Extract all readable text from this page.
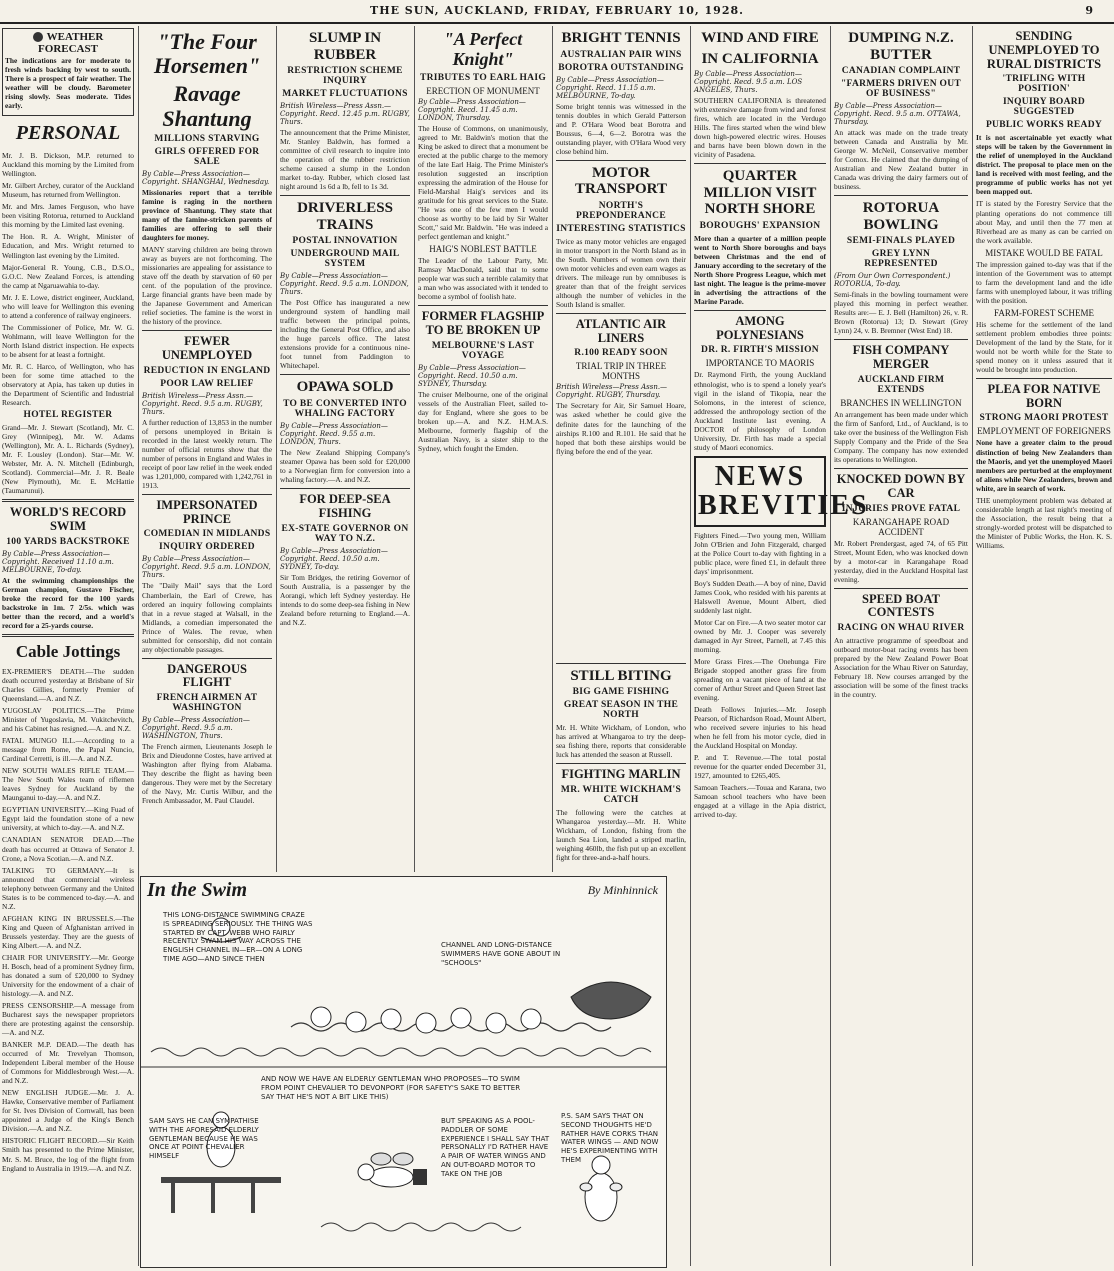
THE SUN, AUCKLAND, FRIDAY, FEBRUARY 10, 1928.	9
WEATHER FORECAST
The indications are for moderate to fresh winds backing by west to south. There is a prospect of fair weather. The weather will be cloudy. Barometer rising slowly. Seas moderate. Tides early.
PERSONAL
Mr. J. B. Dickson, M.P. returned to Auckland this morning by the Limited from Wellington.
Mr. Gilbert Archey, curator of the Auckland Museum, has returned from Wellington.
Mr. and Mrs. James Ferguson, who have been visiting Rotorua, returned to Auckland this morning by the Limited last evening.
The Hon. R. A. Wright, Minister of Education, and Mrs. Wright returned to Wellington last evening by the Limited.
Major-General R. Young, C.B., D.S.O., G.O.C. New Zealand Forces, is attending the camp at Ngaruawahia to-day.
Mr. J. E. Lowe, district engineer, Auckland, who will leave for Wellington this evening to attend a conference of railway engineers.
The Commissioner of Police, Mr. W. G. Wohlmann, will leave Wellington for the North Island district inspection. He expects to be absent for at least a fortnight.
Mr. R. C. Harco, of Wellington, who has been for some time attached to the observatory at Apia, has taken up duties in the Department of Scientific and Industrial Research.
HOTEL REGISTER
Grand—Mr. J. Stewart (Scotland), Mr. C. Grey (Winnipeg), Mr. W. Adams (Wellington), Mr. A. L. Richards (Sydney), Mr. F. Lousley (London). Star—Mr. W. Webster, Mr. A. N. Mitchell (Edinburgh, Scotland). Commercial—Mr. J. R. Beale (New Plymouth), Mr. E. McHattie (Taumarunui).
WORLD'S RECORD SWIM
100 YARDS BACKSTROKE
By Cable—Press Association—Copyright. Received 11.10 a.m. MELBOURNE, To-day.
At the swimming championships the German champion, Gustave Fischer, broke the record for the 100 yards backstroke in 1m. 7 2/5s. which was better than the record, and a world's record for a 25-yards course.
Cable Jottings
EX-PREMIER'S DEATH.—The sudden death occurred yesterday at Brisbane of Sir Charles Gillies, formerly Premier of Queensland.—A. and N.Z.
YUGOSLAV POLITICS.—The Prime Minister of Yugoslavia, M. Vukitchevitch, and his Cabinet has resigned.—A. and N.Z.
FATAL MUNGO ILL.—According to a message from Rome, the Papal Nuncio, Cardinal Cerretti, is ill.—A. and N.Z.
NEW SOUTH WALES RIFLE TEAM.—The New South Wales team of riflemen leaves Sydney for Auckland by the Maunganui to-day.—A. and N.Z.
EGYPTIAN UNIVERSITY.—King Fuad of Egypt laid the foundation stone of a new university, at which to-day.—A. and N.Z.
CANADIAN SENATOR DEAD.—The death has occurred at Ottawa of Senator J. Crone, a Nova Scotian.—A. and N.Z.
TALKING TO GERMANY.—It is announced that commercial wireless telephony between Germany and the United States is to be commenced to-day.—A. and N.Z.
AFGHAN KING IN BRUSSELS.—The King and Queen of Afghanistan arrived in Brussels yesterday. They are the guests of King Albert.—A. and N.Z.
CHAIR FOR UNIVERSITY.—Mr. George H. Bosch, head of a prominent Sydney firm, has donated a sum of £20,000 to Sydney University for the endowment of a chair of histology.—A. and N.Z.
PRESS CENSORSHIP.—A message from Bucharest says the newspaper proprietors there are protesting against the censorship.—A. and N.Z.
BANKER M.P. DEAD.—The death has occurred of Mr. Trevelyan Thomson, Independent Liberal member of the House of Commons for Middlesbrough West.—A. and N.Z.
NEW ENGLISH JUDGE.—Mr. J. A. Hawke, Conservative member of Parliament for St. Ives Division of Cornwall, has been appointed a Judge of the King's Bench Division.—A. and N.Z.
HISTORIC FLIGHT RECORD.—Sir Keith Smith has presented to the Prime Minister, Mr. S. M. Bruce, the log of the flight from England to Australia in 1919.—A. and N.Z.
"The Four Horsemen"
Ravage Shantung
MILLIONS STARVING
GIRLS OFFERED FOR SALE
By Cable—Press Association—Copyright. SHANGHAI, Wednesday.
Missionaries report that a terrible famine is raging in the northern province of Shantung. They state that many of the famine-stricken parents of families are offering to sell their daughters for money.
MANY starving children are being thrown away as buyers are not forthcoming. The missionaries are appealing for assistance to stave off the death by starvation of 60 per cent. of the population of the province. Large financial grants have been made by the Japanese Government and American relief societies. The famine is the worst in the history of the province.
FEWER UNEMPLOYED
REDUCTION IN ENGLAND
POOR LAW RELIEF
British Wireless—Press Assn.—Copyright. Recd. 9.5 a.m. RUGBY, Thurs.
A further reduction of 13,853 in the number of persons unemployed in Britain is recorded in the latest weekly return. The number of official returns show that the number of persons in England and Wales in receipt of poor law relief in the week ended was 1,201,000, compared with 1,242,761 in 1913.
IMPERSONATED PRINCE
COMEDIAN IN MIDLANDS
INQUIRY ORDERED
By Cable—Press Association—Copyright. Recd. 9.5 a.m. LONDON, Thurs.
The "Daily Mail" says that the Lord Chamberlain, the Earl of Crewe, has ordered an inquiry following complaints that in a revue staged at Walsall, in the Midlands, a comedian impersonated the Prince of Wales. The revue, when submitted for censorship, did not contain any objectionable passages.
DANGEROUS FLIGHT
FRENCH AIRMEN AT WASHINGTON
By Cable—Press Association—Copyright. Recd. 9.5 a.m. WASHINGTON, Thurs.
The French airmen, Lieutenants Joseph le Brix and Dieudonne Costes, have arrived at Washington after flying from Alabama. They describe the flight as having been dangerous. They were met by the Secretary of the Navy, Mr. Curtis Wilbur, and the French Ambassador, M. Paul Claudel.
SLUMP IN RUBBER
RESTRICTION SCHEME INQUIRY
MARKET FLUCTUATIONS
British Wireless—Press Assn.—Copyright. Recd. 12.45 p.m. RUGBY, Thurs.
The announcement that the Prime Minister, Mr. Stanley Baldwin, has formed a committee of civil research to inquire into the operation of the rubber restriction scheme caused a slump in the London market to-day. Rubber, which closed last night around 1s 6d a lb, fell to 1s 3d.
DRIVERLESS TRAINS
POSTAL INNOVATION
UNDERGROUND MAIL SYSTEM
By Cable—Press Association—Copyright. Recd. 9.5 a.m. LONDON, Thurs.
The Post Office has inaugurated a new underground system of handling mail traffic between the principal points, including the General Post Office, and also the huge parcels office. The latest extensions provide for a continuous nine-foot tunnel from Paddington to Whitechapel.
OPAWA SOLD
TO BE CONVERTED INTO WHALING FACTORY
By Cable—Press Association—Copyright. Recd. 9.55 a.m. LONDON, Thurs.
The New Zealand Shipping Company's steamer Opawa has been sold for £20,000 to a Norwegian firm for conversion into a whaling factory.—A. and N.Z.
FOR DEEP-SEA FISHING
EX-STATE GOVERNOR ON WAY TO N.Z.
By Cable—Press Association—Copyright. Recd. 10.50 a.m. SYDNEY, To-day.
Sir Tom Bridges, the retiring Governor of South Australia, is a passenger by the Aorangi, which left Sydney yesterday. He intends to do some deep-sea fishing in New Zealand before returning to England.—A. and N.Z.
"A Perfect Knight"
TRIBUTES TO EARL HAIG
ERECTION OF MONUMENT
By Cable—Press Association—Copyright. Recd. 11.45 a.m. LONDON, Thursday.
The House of Commons, on unanimously, agreed to Mr. Baldwin's motion that the King be asked to direct that a monument be erected at the public charge to the memory of the late Earl Haig. The Prime Minister's resolution suggested an inscription expressing the admiration of the House for Field-Marshal Haig's services and its gratitude for his great services to the State. "He was one of the few men I would choose as worthy to be laid by Sir Walter Scott," said Mr. Baldwin. "He was indeed a perfect gentleman and knight."
HAIG'S NOBLEST BATTLE
The Leader of the Labour Party, Mr. Ramsay MacDonald, said that to some people war was such a terrible calamity that a man who was associated with it tended to become a symbol of foolish hate.
FORMER FLAGSHIP TO BE BROKEN UP
MELBOURNE'S LAST VOYAGE
By Cable—Press Association—Copyright. Recd. 10.50 a.m. SYDNEY, Thursday.
The cruiser Melbourne, one of the original vessels of the Australian Fleet, sailed to-day for England, where she goes to be broken up.—A. and N.Z. H.M.A.S. Melbourne, formerly flagship of the Australian Navy, is a sister ship to the Sydney, which fought the Emden.
BRIGHT TENNIS
AUSTRALIAN PAIR WINS
BOROTRA OUTSTANDING
By Cable—Press Association—Copyright. Recd. 11.15 a.m. MELBOURNE, To-day.
Some bright tennis was witnessed in the tennis doubles in which Gerald Patterson and P. O'Hara Wood beat Borotra and Boussus, 6—4, 6—2. Borotra was the outstanding player, with O'Hara Wood very close behind him.
MOTOR TRANSPORT
NORTH'S PREPONDERANCE
INTERESTING STATISTICS
Twice as many motor vehicles are engaged in motor transport in the North Island as in the South. Numbers of women own their own motor vehicles and even earn wages as drivers. The mileage run by omnibuses is greater than that of the freight services although the number of vehicles in the South Island is smaller.
ATLANTIC AIR LINERS
R.100 READY SOON
TRIAL TRIP IN THREE MONTHS
British Wireless—Press Assn.—Copyright. RUGBY, Thursday.
The Secretary for Air, Sir Samuel Hoare, was asked whether he could give the definite dates for the launching of the airships R.100 and R.101. He said that he hoped that both these airships would be flying before the end of the year.
STILL BITING
BIG GAME FISHING
GREAT SEASON IN THE NORTH
Mr. H. White Wickham, of London, who has arrived at Whangaroa to try the deep-sea fishing there, reports that considerable luck has attended the season at Russell.
FIGHTING MARLIN
MR. WHITE WICKHAM'S CATCH
The following were the catches at Whangaroa yesterday.—Mr. H. White Wickham, of London, fishing from the launch Sea Lion, landed a striped marlin, weighing 460lb, the fish put up an excellent fight for three-and-a-half hours.
WIND AND FIRE
IN CALIFORNIA
By Cable—Press Association—Copyright. Recd. 9.5 a.m. LOS ANGELES, Thurs.
SOUTHERN CALIFORNIA is threatened with extensive damage from wind and forest fires, which are located in the Verdugo Hills. The fires started when the wind blew down high-powered electric wires. Houses and barns have been blown down in the vicinity of Pasadena.
QUARTER MILLION VISIT NORTH SHORE
BOROUGHS' EXPANSION
More than a quarter of a million people went to North Shore boroughs and bays between Christmas and the end of January according to the secretary of the North Shore Progress League, which met last night. The league is the prime-mover in advertising the attractions of the Marine Parade.
AMONG POLYNESIANS
DR. R. FIRTH'S MISSION
IMPORTANCE TO MAORIS
Dr. Raymond Firth, the young Auckland ethnologist, who is to spend a lonely year's vigil in the island of Tikopia, near the Solomons, in the interest of science, addressed the anthropology section of the Auckland Institute last evening. A DOCTOR of philosophy of London University, Dr. Firth has made a special study of Maori economics.
NEWS BREVITIES
Fighters Fined.—Two young men, William John O'Brien and John Fitzgerald, charged at the Police Court to-day with fighting in a public place, were fined £1, in default three days' imprisonment.
Boy's Sudden Death.—A boy of nine, David James Cook, who resided with his parents at Halswell Avenue, Mount Albert, died suddenly last night.
Motor Car on Fire.—A two seater motor car owned by Mr. J. Cooper was severely damaged in Ayr Street, Parnell, at 7.45 this morning.
More Grass Fires.—The Onehunga Fire Brigade stopped another grass fire from spreading on a vacant piece of land at the corner of Arthur Street and Queen Street last evening.
Death Follows Injuries.—Mr. Joseph Pearson, of Richardson Road, Mount Albert, who received severe injuries to his head when he fell from his motor cycle, died in the Auckland Hospital on Monday.
P. and T. Revenue.—The total postal revenue for the quarter ended December 31, 1927, amounted to £265,405.
Samoan Teachers.—Touaa and Karana, two Samoan school teachers who have been engaged at a village in the Apia district, arrived to-day.
DUMPING N.Z. BUTTER
CANADIAN COMPLAINT
"FARMERS DRIVEN OUT OF BUSINESS"
By Cable—Press Association—Copyright. Recd. 9.5 a.m. OTTAWA, Thursday.
An attack was made on the trade treaty between Canada and Australia by Mr. George W. McNeil, Conservative member for Comox. He claimed that the dumping of Australian and New Zealand butter in Canada was driving the dairy farmers out of business.
ROTORUA BOWLING
SEMI-FINALS PLAYED
GREY LYNN REPRESENTED
(From Our Own Correspondent.) ROTORUA, To-day.
Semi-finals in the bowling tournament were played this morning in perfect weather. Results are:— E. J. Bell (Hamilton) 26, v. R. Brown (Rotorua) 13; D. Stewart (Grey Lynn) 24, v. B. Bremner (West End) 18.
FISH COMPANY MERGER
AUCKLAND FIRM EXTENDS
BRANCHES IN WELLINGTON
An arrangement has been made under which the firm of Sanford, Ltd., of Auckland, is to take over the business of the Wellington Fish Supply Company and the Pride of the Sea Company. The company has now extended its operations to Wellington.
KNOCKED DOWN BY CAR
INJURIES PROVE FATAL
KARANGAHAPE ROAD ACCIDENT
Mr. Robert Prendergast, aged 74, of 65 Pitt Street, Mount Eden, who was knocked down by a motor-car in Karangahape Road yesterday, died in the Auckland Hospital last evening.
SPEED BOAT CONTESTS
RACING ON WHAU RIVER
An attractive programme of speedboat and outboard motor-boat racing events has been prepared by the New Zealand Power Boat Association for the Whau River on Saturday, February 18. New courses arranged by the association will be some of the finest tracks in the country.
SENDING UNEMPLOYED TO RURAL DISTRICTS
'TRIFLING WITH POSITION'
INQUIRY BOARD SUGGESTED
PUBLIC WORKS READY
It is not ascertainable yet exactly what steps will be taken by the Government in the relief of unemployed in the Auckland district. The proposal to place men on the land is received with most feeling, and the programme of public works has not yet been mapped out.
IT is stated by the Forestry Service that the planting operations do not commence till about May, and until then the 77 men at Riverhead are as many as can be carried on the work available.
MISTAKE WOULD BE FATAL
The impression gained to-day was that if the intention of the Government was to attempt to farm the development land and the idle farms with unemployed labour, it was trifling with the position.
FARM-FOREST SCHEME
His scheme for the settlement of the land settlement problem embodies three points: Development of the land by the State, for it would not be worth while for the State to spend money on it unless assured that it would be brought into production.
PLEA FOR NATIVE BORN
STRONG MAORI PROTEST
EMPLOYMENT OF FOREIGNERS
None have a greater claim to the proud distinction of being New Zealanders than the Maoris, and yet the unemployed Maori members are perturbed at the employment of aliens while New Zealanders, brown and white, are in search of work.
THE unemployment problem was debated at considerable length at last night's meeting of the Association, the result being that a strongly-worded protest will be dispatched to the Minister of Public Works, the Hon. K. S. Williams.
In the Swim	By Minhinnick
THIS LONG-DISTANCE SWIMMING CRAZE IS SPREADING SERIOUSLY. THE THING WAS STARTED BY CAPT. WEBB WHO FAIRLY RECENTLY SWAM HIS WAY ACROSS THE ENGLISH CHANNEL IN—ER—ON A LONG TIME AGO—AND SINCE THEN
CHANNEL AND LONG-DISTANCE SWIMMERS HAVE GONE ABOUT IN "SCHOOLS"
AND NOW WE HAVE AN ELDERLY GENTLEMAN WHO PROPOSES—TO SWIM FROM POINT CHEVALIER TO DEVONPORT (FOR SAFETY'S SAKE TO BETTER SAY THAT HE'S NOT A BIT LIKE THIS)
SAM SAYS HE CAN SYMPATHISE WITH THE AFORESAID ELDERLY GENTLEMAN BECAUSE HE WAS ONCE AT POINT CHEVALIER HIMSELF
BUT SPEAKING AS A POOL-PADDLER OF SOME EXPERIENCE I SHALL SAY THAT PERSONALLY I'D RATHER HAVE A PAIR OF WATER WINGS AND AN OUT-BOARD MOTOR TO TAKE ON THE JOB
P.S. SAM SAYS THAT ON SECOND THOUGHTS HE'D RATHER HAVE CORKS THAN WATER WINGS — AND NOW HE'S EXPERIMENTING WITH THEM
